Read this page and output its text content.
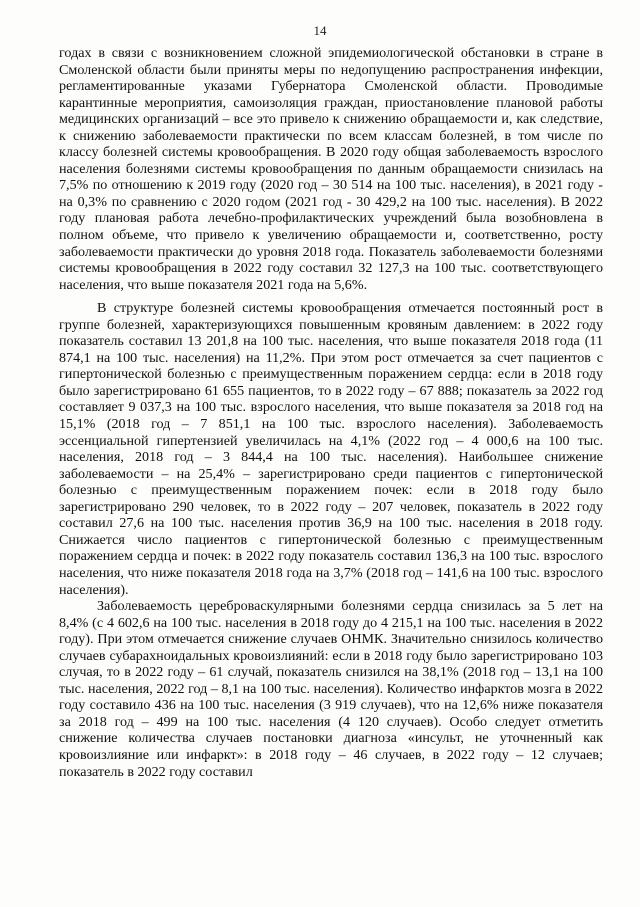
14

годах в связи с возникновением сложной эпидемиологической обстановки в стране в Смоленской области были приняты меры по недопущению распространения инфекции, регламентированные указами Губернатора Смоленской области. Проводимые карантинные мероприятия, самоизоляция граждан, приостановление плановой работы медицинских организаций – все это привело к снижению обращаемости и, как следствие, к снижению заболеваемости практически по всем классам болезней, в том числе по классу болезней системы кровообращения. В 2020 году общая заболеваемость взрослого населения болезнями системы кровообращения по данным обращаемости снизилась на 7,5% по отношению к 2019 году (2020 год – 30 514 на 100 тыс. населения), в 2021 году - на 0,3% по сравнению с 2020 годом (2021 год - 30 429,2 на 100 тыс. населения). В 2022 году плановая работа лечебно-профилактических учреждений была возобновлена в полном объеме, что привело к увеличению обращаемости и, соответственно, росту заболеваемости практически до уровня 2018 года. Показатель заболеваемости болезнями системы кровообращения в 2022 году составил 32 127,3 на 100 тыс. соответствующего населения, что выше показателя 2021 года на 5,6%.

В структуре болезней системы кровообращения отмечается постоянный рост в группе болезней, характеризующихся повышенным кровяным давлением: в 2022 году показатель составил 13 201,8 на 100 тыс. населения, что выше показателя 2018 года (11 874,1 на 100 тыс. населения) на 11,2%. При этом рост отмечается за счет пациентов с гипертонической болезнью с преимущественным поражением сердца: если в 2018 году было зарегистрировано 61 655 пациентов, то в 2022 году – 67 888; показатель за 2022 год составляет 9 037,3 на 100 тыс. взрослого населения, что выше показателя за 2018 год на 15,1% (2018 год – 7 851,1 на 100 тыс. взрослого населения). Заболеваемость эссенциальной гипертензией увеличилась на 4,1% (2022 год – 4 000,6 на 100 тыс. населения, 2018 год – 3 844,4 на 100 тыс. населения). Наибольшее снижение заболеваемости – на 25,4% – зарегистрировано среди пациентов с гипертонической болезнью с преимущественным поражением почек: если в 2018 году было зарегистрировано 290 человек, то в 2022 году – 207 человек, показатель в 2022 году составил 27,6 на 100 тыс. населения против 36,9 на 100 тыс. населения в 2018 году. Снижается число пациентов с гипертонической болезнью с преимущественным поражением сердца и почек: в 2022 году показатель составил 136,3 на 100 тыс. взрослого населения, что ниже показателя 2018 года на 3,7% (2018 год – 141,6 на 100 тыс. взрослого населения).

Заболеваемость цереброваскулярными болезнями сердца снизилась за 5 лет на 8,4% (с 4 602,6 на 100 тыс. населения в 2018 году до 4 215,1 на 100 тыс. населения в 2022 году). При этом отмечается снижение случаев ОНМК. Значительно снизилось количество случаев субарахноидальных кровоизлияний: если в 2018 году было зарегистрировано 103 случая, то в 2022 году – 61 случай, показатель снизился на 38,1% (2018 год – 13,1 на 100 тыс. населения, 2022 год – 8,1 на 100 тыс. населения). Количество инфарктов мозга в 2022 году составило 436 на 100 тыс. населения (3 919 случаев), что на 12,6% ниже показателя за 2018 год – 499 на 100 тыс. населения (4 120 случаев). Особо следует отметить снижение количества случаев постановки диагноза «инсульт, не уточненный как кровоизлияние или инфаркт»: в 2018 году – 46 случаев, в 2022 году – 12 случаев; показатель в 2022 году составил
